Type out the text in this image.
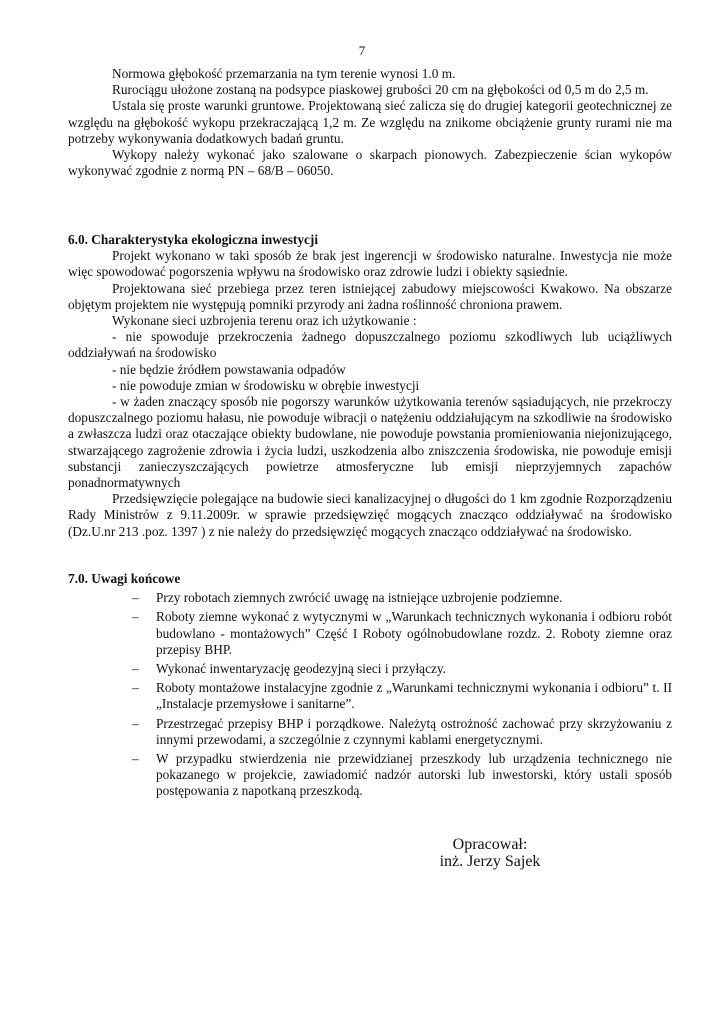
7

Normowa głębokość przemarzania na tym terenie wynosi 1.0 m.

Rurociągu ułożone zostaną na podsypce piaskowej grubości 20 cm na głębokości od 0,5 m do 2,5 m.

Ustala się proste warunki gruntowe. Projektowaną sieć zalicza się do drugiej kategorii geotechnicznej ze względu na głębokość wykopu przekraczającą 1,2 m. Ze względu na znikome obciążenie grunty rurami nie ma potrzeby wykonywania dodatkowych badań gruntu.

Wykopy należy wykonać jako szalowane o skarpach pionowych. Zabezpieczenie ścian wykopów wykonywać zgodnie z normą PN – 68/B – 06050.

6.0. Charakterystyka ekologiczna inwestycji

Projekt wykonano w taki sposób że brak jest ingerencji w środowisko naturalne. Inwestycja nie może więc spowodować pogorszenia wpływu na środowisko oraz zdrowie ludzi i obiekty sąsiednie.

Projektowana sieć przebiega przez teren istniejącej zabudowy miejscowości Kwakowo. Na obszarze objętym projektem nie występują pomniki przyrody ani żadna roślinność chroniona prawem.

Wykonane sieci uzbrojenia terenu oraz ich użytkowanie :

- nie spowoduje przekroczenia żadnego dopuszczalnego poziomu szkodliwych lub uciążliwych oddziaływań na środowisko

- nie będzie źródłem powstawania odpadów

- nie powoduje zmian w środowisku w obrębie inwestycji

- w żaden znaczący sposób nie pogorszy warunków użytkowania terenów sąsiadujących, nie przekroczy dopuszczalnego poziomu hałasu, nie powoduje wibracji o natężeniu oddziałującym na szkodliwie na środowisko a zwłaszcza ludzi oraz otaczające obiekty budowlane, nie powoduje powstania promieniowania niejonizującego, stwarzającego zagrożenie zdrowia i życia ludzi, uszkodzenia albo zniszczenia środowiska, nie powoduje emisji substancji zanieczyszczających powietrze atmosferyczne lub emisji nieprzyjemnych zapachów ponadnormatywnych

Przedsięwzięcie polegające na budowie sieci kanalizacyjnej o długości do 1 km zgodnie Rozporządzeniu Rady Ministrów z 9.11.2009r. w sprawie przedsięwzięć mogących znacząco oddziaływać na środowisko (Dz.U.nr 213 .poz. 1397 ) z nie należy do przedsięwzięć mogących znacząco oddziaływać na środowisko.

7.0. Uwagi końcowe
– Przy robotach ziemnych zwrócić uwagę na istniejące uzbrojenie podziemne.
– Roboty ziemne wykonać z wytycznymi w „Warunkach technicznych wykonania i odbioru robót budowlano - montażowych” Część I Roboty ogólnobudowlane rozdz. 2. Roboty ziemne oraz przepisy BHP.
– Wykonać inwentaryzację geodezyjną sieci i przyłączy.
– Roboty montażowe instalacyjne zgodnie z „Warunkami technicznymi wykonania i odbioru” t. II „Instalacje przemysłowe i sanitarne”.
– Przestrzegać przepisy BHP i porządkowe. Należytą ostrożność zachować przy skrzyżowaniu z innymi przewodami, a szczególnie z czynnymi kablami energetycznymi.
– W przypadku stwierdzenia nie przewidzianej przeszkody lub urządzenia technicznego nie pokazanego w projekcie, zawiadomić nadzór autorski lub inwestorski, który ustali sposób postępowania z napotkaną przeszkodą.
Opracował:
inż. Jerzy Sajek
